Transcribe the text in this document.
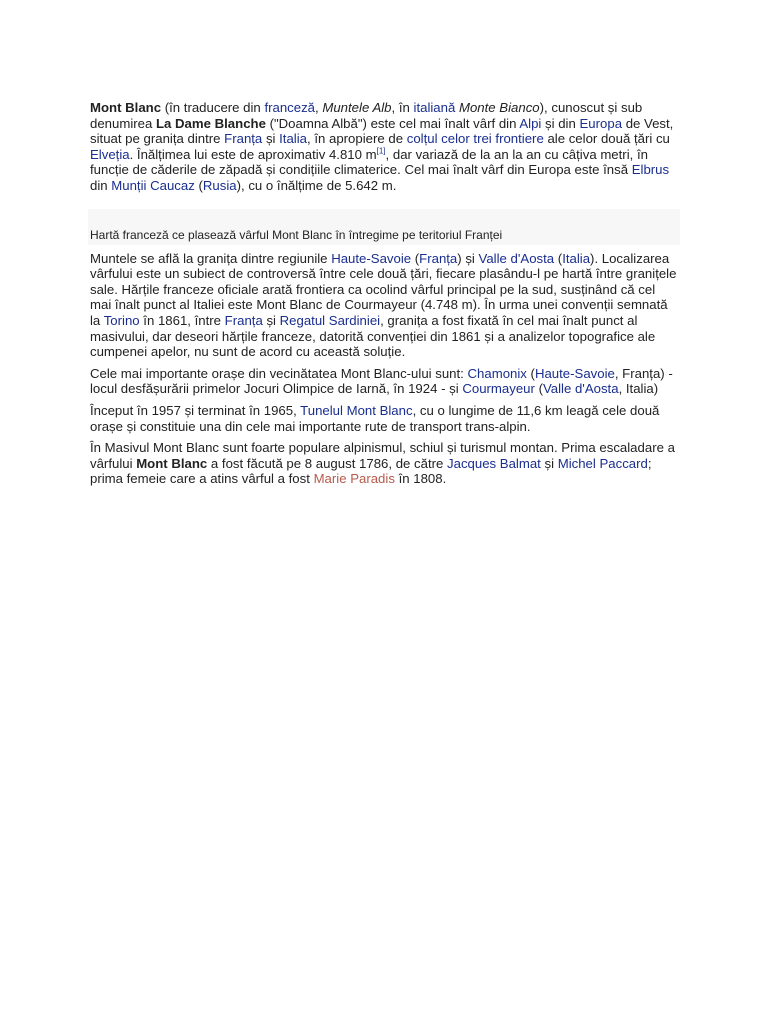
Mont Blanc (în traducere din franceză, Muntele Alb, în italiană Monte Bianco), cunoscut și sub denumirea La Dame Blanche ("Doamna Albă") este cel mai înalt vârf din Alpi și din Europa de Vest, situat pe granița dintre Franța și Italia, în apropiere de colțul celor trei frontiere ale celor două țări cu Elveția. Înălțimea lui este de aproximativ 4.810 m[1], dar variază de la an la an cu câțiva metri, în funcție de căderile de zăpadă și condițiile climaterice. Cel mai înalt vârf din Europa este însă Elbrus din Munții Caucaz (Rusia), cu o înălțime de 5.642 m.

Hartă franceză ce plasează vârful Mont Blanc în întregime pe teritoriul Franței

Muntele se află la granița dintre regiunile Haute-Savoie (Franța) și Valle d'Aosta (Italia). Localizarea vârfului este un subiect de controversă între cele două țări, fiecare plasându-l pe hartă între granițele sale. Hărțile franceze oficiale arată frontiera ca ocolind vârful principal pe la sud, susținând că cel mai înalt punct al Italiei este Mont Blanc de Courmayeur (4.748 m). În urma unei convenții semnată la Torino în 1861, între Franța și Regatul Sardiniei, granița a fost fixată în cel mai înalt punct al masivului, dar deseori hărțile franceze, datorită convenției din 1861 și a analizelor topografice ale cumpenei apelor, nu sunt de acord cu această soluție.

Cele mai importante orașe din vecinătatea Mont Blanc-ului sunt: Chamonix (Haute-Savoie, Franța) - locul desfășurării primelor Jocuri Olimpice de Iarnă, în 1924 - și Courmayeur (Valle d'Aosta, Italia)

Început în 1957 și terminat în 1965, Tunelul Mont Blanc, cu o lungime de 11,6 km leagă cele două orașe și constituie una din cele mai importante rute de transport trans-alpin.

În Masivul Mont Blanc sunt foarte populare alpinismul, schiul și turismul montan. Prima escaladare a vârfului Mont Blanc a fost făcută pe 8 august 1786, de către Jacques Balmat și Michel Paccard; prima femeie care a atins vârful a fost Marie Paradis în 1808.
